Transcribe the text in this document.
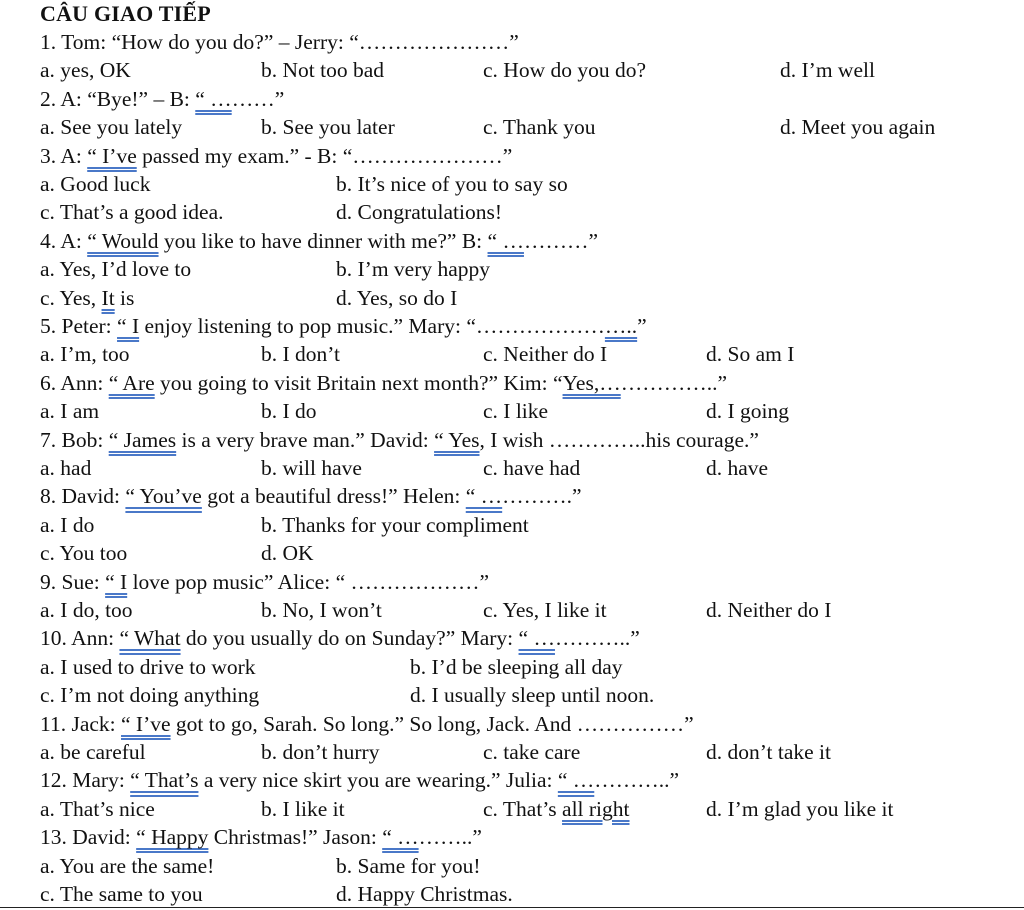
CÂU GIAO TIẾP
1. Tom: “How do you do?” – Jerry: “…………………”
a. yes, OK	b. Not too bad	c. How do you do?	d. I’m well
2. A: “Bye!” – B: “ ………”
a. See you lately	b. See you later	c. Thank you	d. Meet you again
3. A: “ I’ve passed my exam.” - B: “…………………”
a. Good luck	b. It’s nice of you to say so
c. That’s a good idea.	d. Congratulations!
4. A: “ Would you like to have dinner with me?” B: “ …………”
a. Yes, I’d love to	b. I’m very happy
c. Yes, It is	d. Yes, so do I
5. Peter: “ I enjoy listening to pop music.” Mary: “…………………..”
a. I’m, too	b. I don’t	c. Neither do I	d. So am I
6. Ann: “ Are you going to visit Britain next month?” Kim: “Yes,……………..”
a. I am	b. I do	c. I like	d. I going
7. Bob: “ James is a very brave man.” David: “ Yes, I wish …………..his courage.”
a. had	b. will have	c. have had	d. have
8. David: “ You’ve got a beautiful dress!” Helen: “ ………….”
a. I do	b. Thanks for your compliment
c. You too	d. OK
9. Sue: “ I love pop music” Alice: “ ………………”
a. I do, too	b. No, I won’t	c. Yes, I like it	d. Neither do I
10. Ann: “ What do you usually do on Sunday?” Mary: “ …………..”
a. I used to drive to work	b. I’d be sleeping all day
c. I’m not doing anything	d. I usually sleep until noon.
11. Jack: “ I’ve got to go, Sarah. So long.” So long, Jack. And ……………”
a. be careful	b. don’t hurry	c. take care	d. don’t take it
12. Mary: “ That’s a very nice skirt you are wearing.” Julia: “ …………..”
a. That’s nice	b. I like it	c. That’s all right	d. I’m glad you like it
13. David: “ Happy Christmas!” Jason: “ ………..”
a. You are the same!	b. Same for you!
c. The same to you	d. Happy Christmas.
